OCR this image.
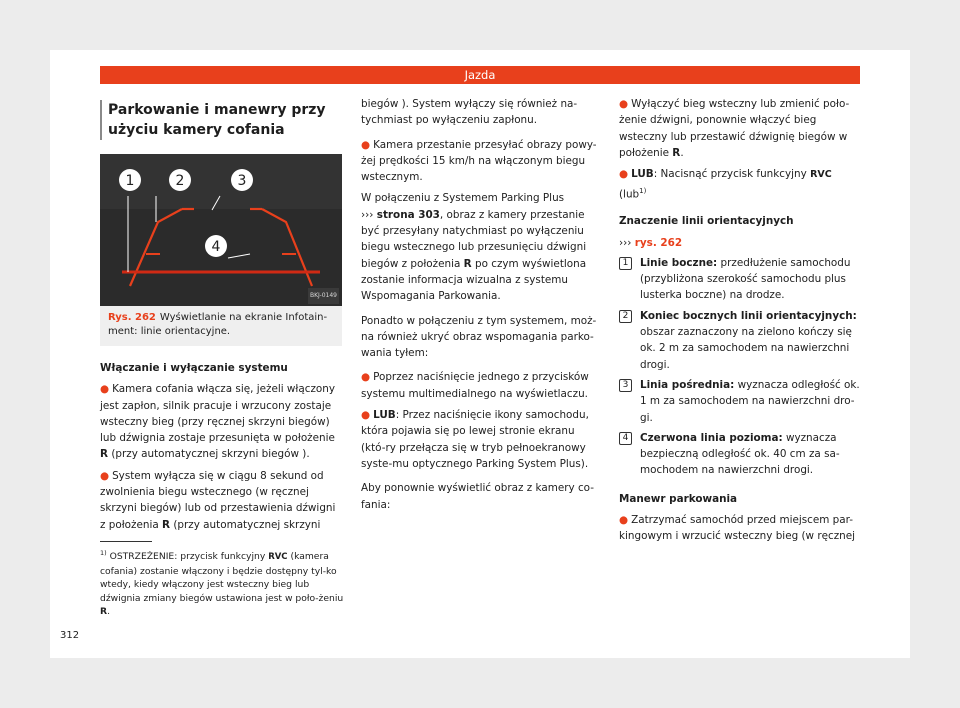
Jazda
Parkowanie i manewry przy użyciu kamery cofania
1	2	3
4
BKJ-0149
Rys. 262 Wyświetlanie na ekranie Infotain-ment: linie orientacyjne.
Włączanie i wyłączanie systemu
● Kamera cofania włącza się, jeżeli włączony jest zapłon, silnik pracuje i wrzucony zostaje wsteczny bieg (przy ręcznej skrzyni biegów) lub dźwignia zostaje przesunięta w położenie R (przy automatycznej skrzyni biegów ).
● System wyłącza się w ciągu 8 sekund od zwolnienia biegu wstecznego (w ręcznej skrzyni biegów) lub od przestawienia dźwigni z położenia R (przy automatycznej skrzyni

biegów ). System wyłączy się również na-tychmiast po wyłączeniu zapłonu.

● Kamera przestanie przesyłać obrazy powy-żej prędkości 15 km/h na włączonym biegu wstecznym.

W połączeniu z Systemem Parking Plus
››› strona 303, obraz z kamery przestanie być przesyłany natychmiast po wyłączeniu biegu wstecznego lub przesunięciu dźwigni biegów z położenia R po czym wyświetlona zostanie informacja wizualna z systemu Wspomagania Parkowania.

Ponadto w połączeniu z tym systemem, moż-na również ukryć obraz wspomagania parko-wania tyłem:

● Poprzez naciśnięcie jednego z przycisków systemu multimedialnego na wyświetlaczu.
● LUB: Przez naciśnięcie ikony samochodu, która pojawia się po lewej stronie ekranu (któ-ry przełącza się w tryb pełnoekranowy syste-mu optycznego Parking System Plus).

Aby ponownie wyświetlić obraz z kamery co-fania:

● Wyłączyć bieg wsteczny lub zmienić poło-żenie dźwigni, ponownie włączyć bieg wsteczny lub przestawić dźwignię biegów w położenie R.
● LUB: Nacisnąć przycisk funkcyjny RVC (lub$^{1)}$
Znaczenie linii orientacyjnych
››› rys. 262
1	Linie boczne: przedłużenie samochodu (przybliżona szerokość samochodu plus lusterka boczne) na drodze.
2	Koniec bocznych linii orientacyjnych: obszar zaznaczony na zielono kończy się ok. 2 m za samochodem na nawierzchni drogi.
3	Linia pośrednia: wyznacza odległość ok. 1 m za samochodem na nawierzchni dro-gi.
4	Czerwona linia pozioma: wyznacza bezpieczną odległość ok. 40 cm za sa-mochodem na nawierzchni drogi.
Manewr parkowania
● Zatrzymać samochód przed miejscem par-kingowym i wrzucić wsteczny bieg (w ręcznej
$^{1)}$ OSTRZEŻENIE: przycisk funkcyjny RVC (kamera cofania) zostanie włączony i będzie dostępny tyl-ko wtedy, kiedy włączony jest wsteczny bieg lub dźwignia zmiany biegów ustawiona jest w poło-żeniu R.
312
